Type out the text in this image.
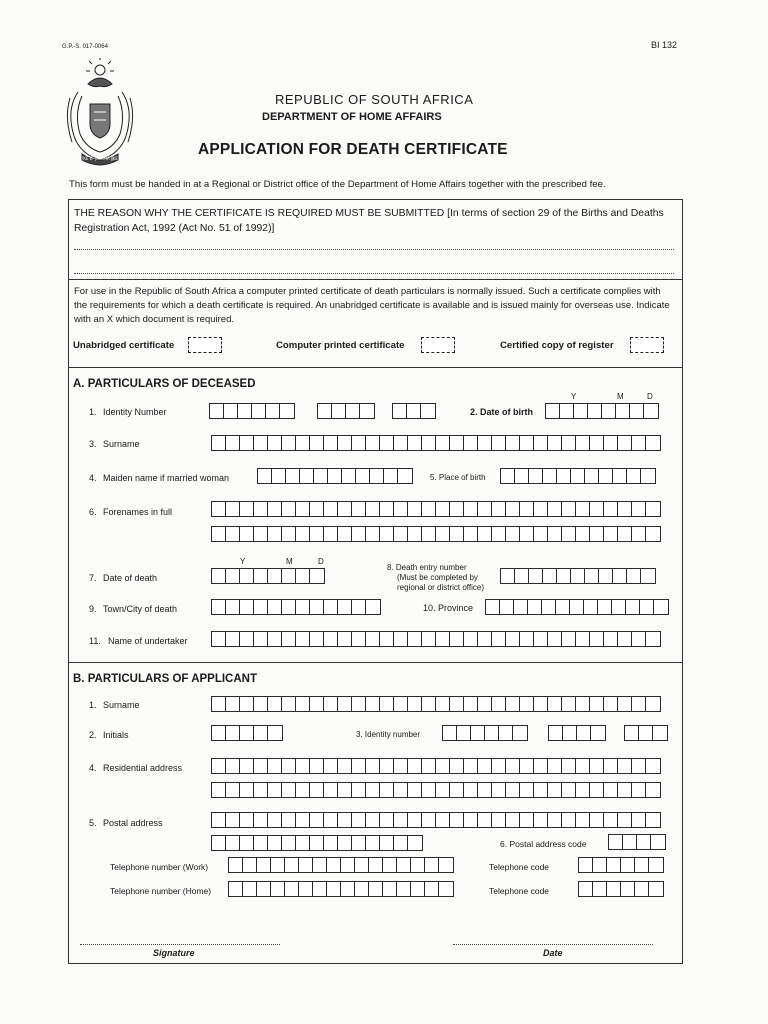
G.P.-S. 017-0064	BI 132
ǃKE E: ǀXARRA ǁKE
REPUBLIC OF SOUTH AFRICA
DEPARTMENT OF HOME AFFAIRS
APPLICATION FOR DEATH CERTIFICATE
This form must be handed in at a Regional or District office of the Department of Home Affairs together with the prescribed fee.
THE REASON WHY THE CERTIFICATE IS REQUIRED MUST BE SUBMITTED [In terms of section 29 of the Births and Deaths Registration Act, 1992 (Act No. 51 of 1992)]
For use in the Republic of South Africa a computer printed certificate of death particulars is normally issued. Such a certificate complies with the requirements for which a death certificate is required. An unabridged certificate is available and is issued mainly for overseas use. Indicate with an X which document is required.
Unabridged certificate	Computer printed certificate	Certified copy of register
A. PARTICULARS OF DECEASED
1. Identity Number	2. Date of birth
Y	M	D
3. Surname
4. Maiden name if married woman	5. Place of birth
6. Forenames in full
Y	M	D
7. Date of death
8. Death entry number
(Must be completed by
regional or district office)
9. Town/City of death	10. Province
11. Name of undertaker
B. PARTICULARS OF APPLICANT
1. Surname
2. Initials	3. Identity number
4. Residential address
5. Postal address
6. Postal address code
Telephone number (Work)	Telephone code
Telephone number (Home)	Telephone code
Signature	Date
